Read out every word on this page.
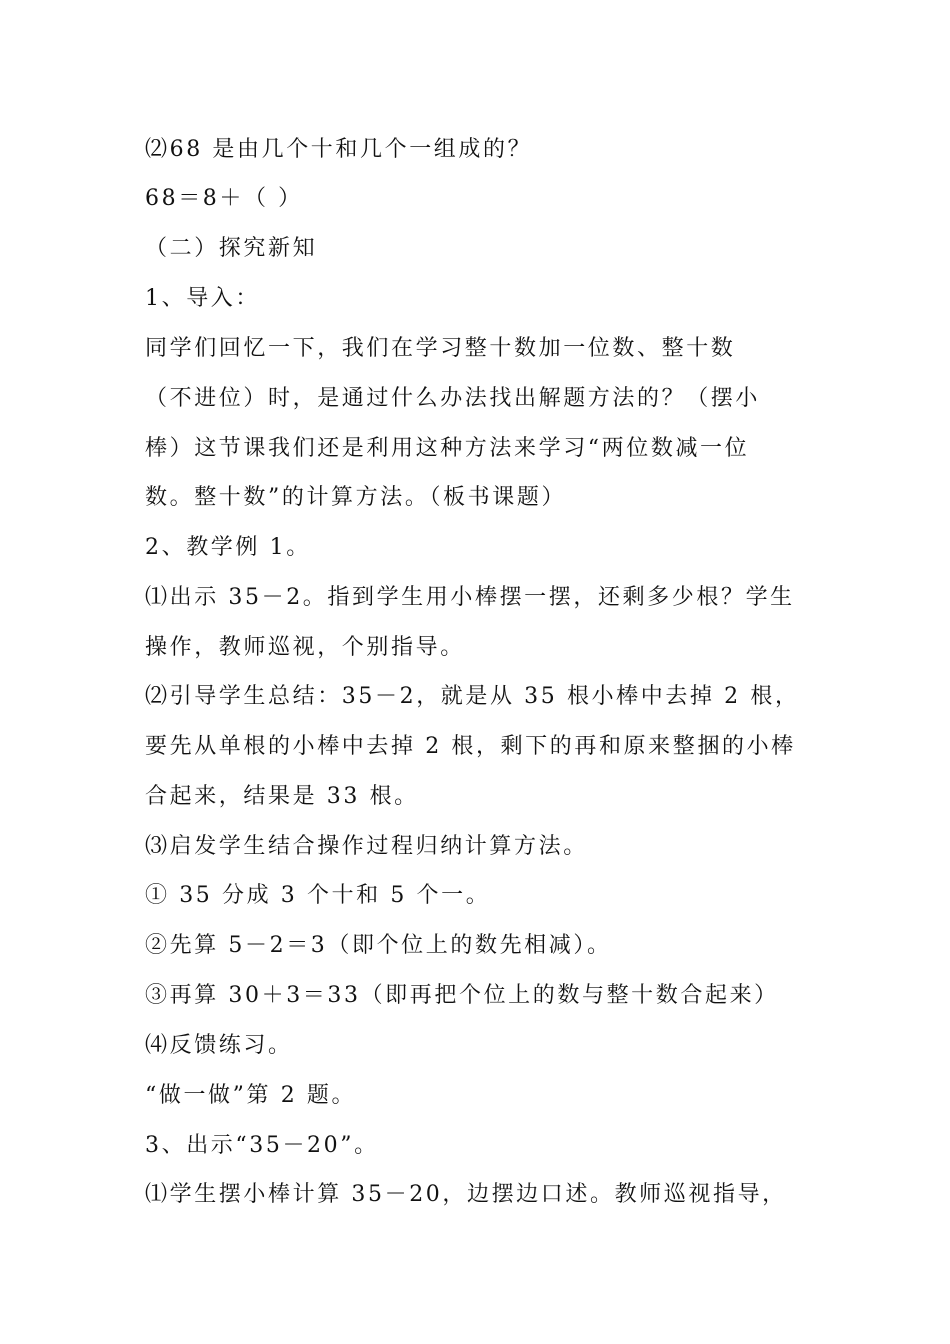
⑵68 是由几个十和几个一组成的？
68＝8＋（ ）
（二）探究新知
1、导入：
同学们回忆一下，我们在学习整十数加一位数、整十数
（不进位）时，是通过什么办法找出解题方法的？（摆小
棒）这节课我们还是利用这种方法来学习“两位数减一位
数。整十数”的计算方法。（板书课题）
2、教学例 1。
⑴出示 35－2。指到学生用小棒摆一摆，还剩多少根？学生
操作，教师巡视，个别指导。
⑵引导学生总结：35－2，就是从 35 根小棒中去掉 2 根，
要先从单根的小棒中去掉 2 根，剩下的再和原来整捆的小棒
合起来，结果是 33 根。
⑶启发学生结合操作过程归纳计算方法。
① 35 分成 3 个十和 5 个一。
②先算 5－2＝3（即个位上的数先相减）。
③再算 30＋3＝33（即再把个位上的数与整十数合起来）
⑷反馈练习。
“做一做”第 2 题。
3、出示“35－20”。
⑴学生摆小棒计算 35－20，边摆边口述。教师巡视指导，
